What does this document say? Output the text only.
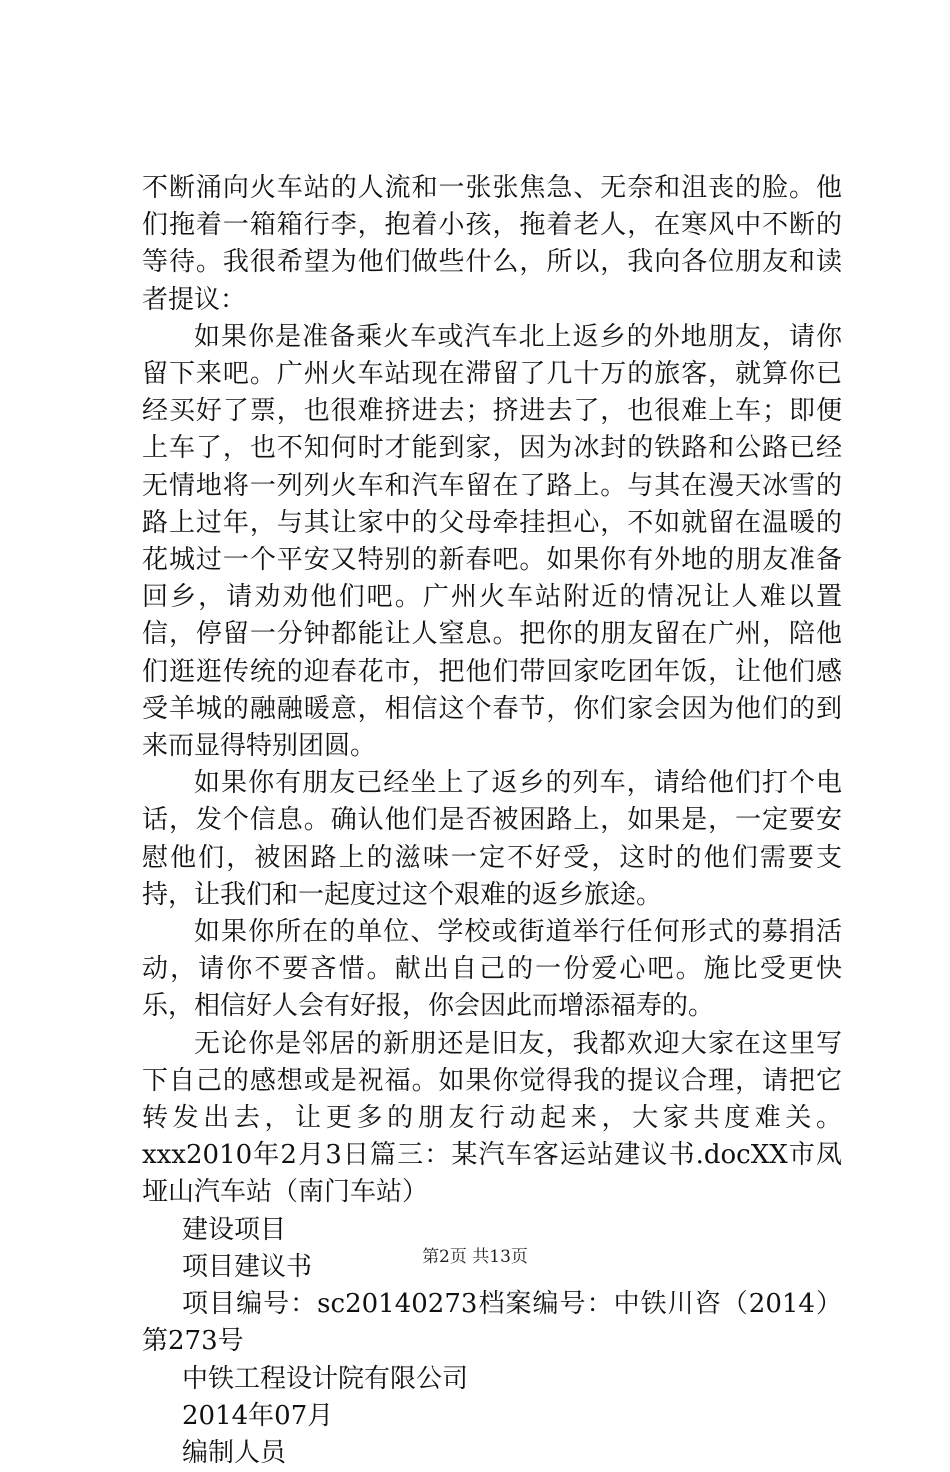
不断涌向火车站的人流和一张张焦急、无奈和沮丧的脸。他们拖着一箱箱行李，抱着小孩，拖着老人，在寒风中不断的等待。我很希望为他们做些什么，所以，我向各位朋友和读者提议：

如果你是准备乘火车或汽车北上返乡的外地朋友，请你留下来吧。广州火车站现在滞留了几十万的旅客，就算你已经买好了票，也很难挤进去；挤进去了，也很难上车；即便上车了，也不知何时才能到家，因为冰封的铁路和公路已经无情地将一列列火车和汽车留在了路上。与其在漫天冰雪的路上过年，与其让家中的父母牵挂担心，不如就留在温暖的花城过一个平安又特别的新春吧。如果你有外地的朋友准备回乡，请劝劝他们吧。广州火车站附近的情况让人难以置信，停留一分钟都能让人窒息。把你的朋友留在广州，陪他们逛逛传统的迎春花市，把他们带回家吃团年饭，让他们感受羊城的融融暖意，相信这个春节，你们家会因为他们的到来而显得特别团圆。

如果你有朋友已经坐上了返乡的列车，请给他们打个电话，发个信息。确认他们是否被困路上，如果是，一定要安慰他们，被困路上的滋味一定不好受，这时的他们需要支持，让我们和一起度过这个艰难的返乡旅途。

如果你所在的单位、学校或街道举行任何形式的募捐活动，请你不要吝惜。献出自己的一份爱心吧。施比受更快乐，相信好人会有好报，你会因此而增添福寿的。

无论你是邻居的新朋还是旧友，我都欢迎大家在这里写下自己的感想或是祝福。如果你觉得我的提议合理，请把它转发出去，让更多的朋友行动起来，大家共度难关。xxx2010年2月3日篇三：某汽车客运站建议书.docXX市凤垭山汽车站（南门车站）

建设项目

项目建议书

项目编号：sc20140273档案编号：中铁川咨（2014）第273号

中铁工程设计院有限公司

2014年07月

编制人员

第2页 共13页
